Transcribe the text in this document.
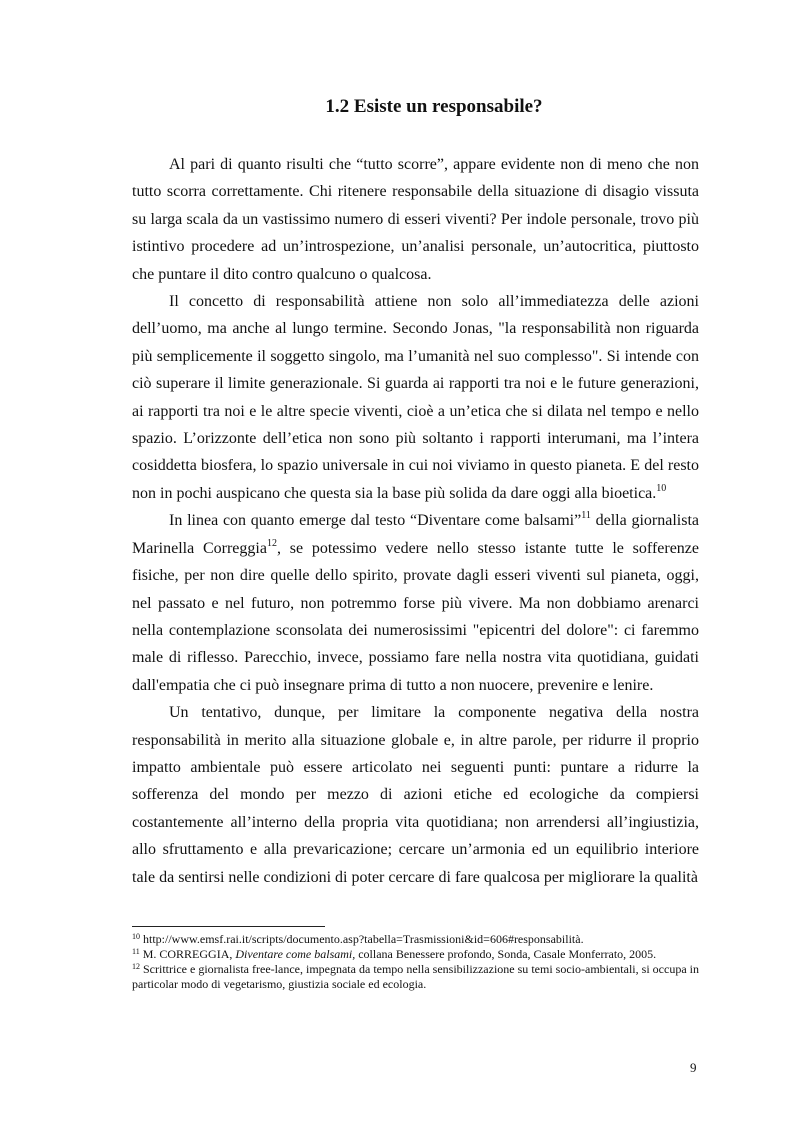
1.2 Esiste un responsabile?

Al pari di quanto risulti che “tutto scorre”, appare evidente non di meno che non tutto scorra correttamente. Chi ritenere responsabile della situazione di disagio vissuta su larga scala da un vastissimo numero di esseri viventi? Per indole personale, trovo più istintivo procedere ad un’introspezione, un’analisi personale, un’autocritica, piuttosto che puntare il dito contro qualcuno o qualcosa.

Il concetto di responsabilità attiene non solo all’immediatezza delle azioni dell’uomo, ma anche al lungo termine. Secondo Jonas, "la responsabilità non riguarda più semplicemente il soggetto singolo, ma l’umanità nel suo complesso". Si intende con ciò superare il limite generazionale. Si guarda ai rapporti tra noi e le future generazioni, ai rapporti tra noi e le altre specie viventi, cioè a un’etica che si dilata nel tempo e nello spazio. L’orizzonte dell’etica non sono più soltanto i rapporti interumani, ma l’intera cosiddetta biosfera, lo spazio universale in cui noi viviamo in questo pianeta. E del resto non in pochi auspicano che questa sia la base più solida da dare oggi alla bioetica.$^{10}$

In linea con quanto emerge dal testo “Diventare come balsami”$^{11}$ della giornalista Marinella Correggia$^{12}$, se potessimo vedere nello stesso istante tutte le sofferenze fisiche, per non dire quelle dello spirito, provate dagli esseri viventi sul pianeta, oggi, nel passato e nel futuro, non potremmo forse più vivere. Ma non dobbiamo arenarci nella contemplazione sconsolata dei numerosissimi "epicentri del dolore": ci faremmo male di riflesso. Parecchio, invece, possiamo fare nella nostra vita quotidiana, guidati dall'empatia che ci può insegnare prima di tutto a non nuocere, prevenire e lenire.

Un tentativo, dunque, per limitare la componente negativa della nostra responsabilità in merito alla situazione globale e, in altre parole, per ridurre il proprio impatto ambientale può essere articolato nei seguenti punti: puntare a ridurre la sofferenza del mondo per mezzo di azioni etiche ed ecologiche da compiersi costantemente all’interno della propria vita quotidiana; non arrendersi all’ingiustizia, allo sfruttamento e alla prevaricazione; cercare un’armonia ed un equilibrio interiore tale da sentirsi nelle condizioni di poter cercare di fare qualcosa per migliorare la qualità

$^{10}$ http://www.emsf.rai.it/scripts/documento.asp?tabella=Trasmissioni&id=606#responsabilità.

$^{11}$ M. CORREGGIA, Diventare come balsami, collana Benessere profondo, Sonda, Casale Monferrato, 2005.

$^{12}$ Scrittrice e giornalista free-lance, impegnata da tempo nella sensibilizzazione su temi socio-ambientali, si occupa in particolar modo di vegetarismo, giustizia sociale ed ecologia.

9
